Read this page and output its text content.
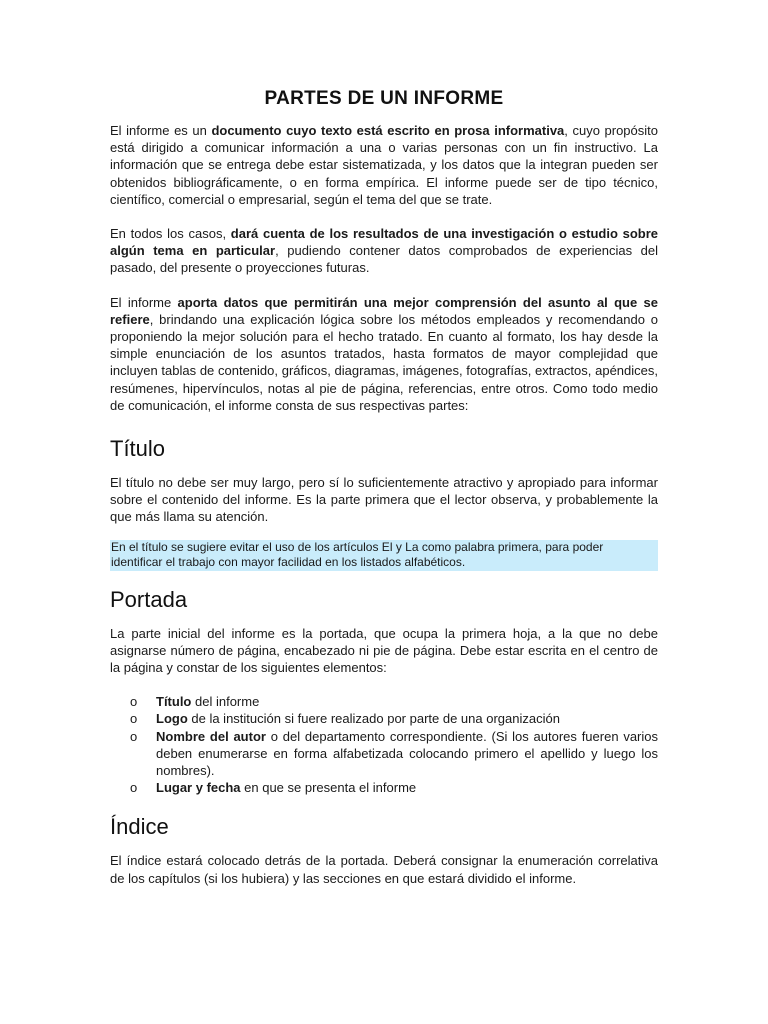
PARTES DE UN INFORME

El informe es un documento cuyo texto está escrito en prosa informativa, cuyo propósito está dirigido a comunicar información a una o varias personas con un fin instructivo. La información que se entrega debe estar sistematizada, y los datos que la integran pueden ser obtenidos bibliográficamente, o en forma empírica. El informe puede ser de tipo técnico, científico, comercial o empresarial, según el tema del que se trate.

En todos los casos, dará cuenta de los resultados de una investigación o estudio sobre algún tema en particular, pudiendo contener datos comprobados de experiencias del pasado, del presente o proyecciones futuras.

El informe aporta datos que permitirán una mejor comprensión del asunto al que se refiere, brindando una explicación lógica sobre los métodos empleados y recomendando o proponiendo la mejor solución para el hecho tratado. En cuanto al formato, los hay desde la simple enunciación de los asuntos tratados, hasta formatos de mayor complejidad que incluyen tablas de contenido, gráficos, diagramas, imágenes, fotografías, extractos, apéndices, resúmenes, hipervínculos, notas al pie de página, referencias, entre otros. Como todo medio de comunicación, el informe consta de sus respectivas partes:

Título

El título no debe ser muy largo, pero sí lo suficientemente atractivo y apropiado para informar sobre el contenido del informe. Es la parte primera que el lector observa, y probablemente la que más llama su atención.

En el título se sugiere evitar el uso de los artículos El y La como palabra primera, para poder identificar el trabajo con mayor facilidad en los listados alfabéticos.
Portada

La parte inicial del informe es la portada, que ocupa la primera hoja, a la que no debe asignarse número de página, encabezado ni pie de página. Debe estar escrita en el centro de la página y constar de los siguientes elementos:

o Título del informe
o Logo de la institución si fuere realizado por parte de una organización
o Nombre del autor o del departamento correspondiente. (Si los autores fueren varios deben enumerarse en forma alfabetizada colocando primero el apellido y luego los nombres).
o Lugar y fecha en que se presenta el informe
Índice

El índice estará colocado detrás de la portada. Deberá consignar la enumeración correlativa de los capítulos (si los hubiera) y las secciones en que estará dividido el informe.
